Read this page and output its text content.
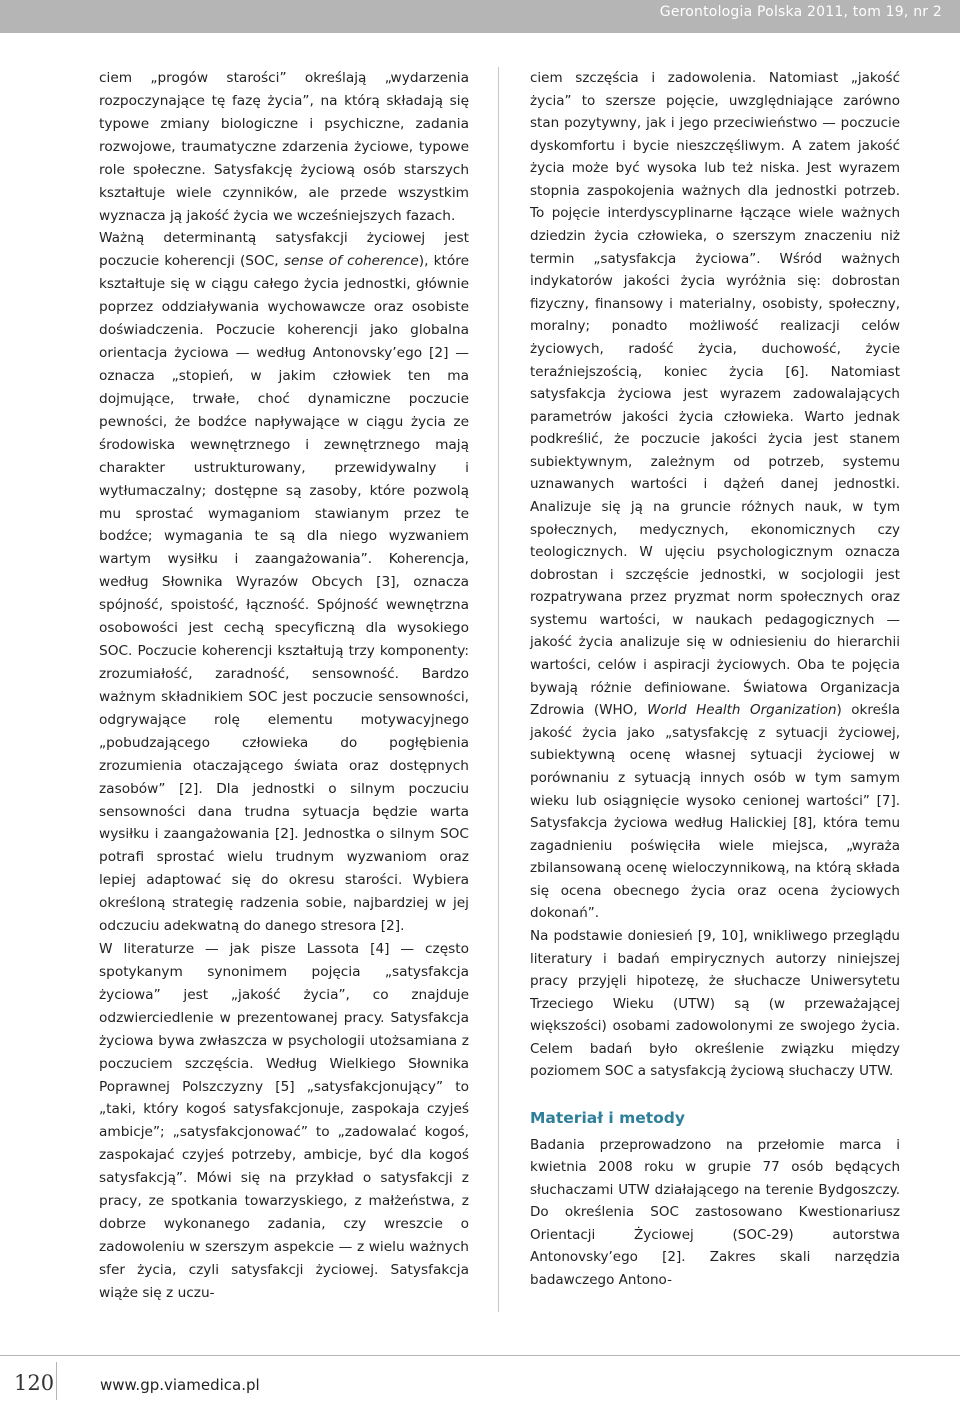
Gerontologia Polska 2011, tom 19, nr 2

ciem „progów starości” określają „wydarzenia rozpoczynające tę fazę życia”, na którą składają się typowe zmiany biologiczne i psychiczne, zadania rozwojowe, traumatyczne zdarzenia życiowe, typowe role społeczne. Satysfakcję życiową osób starszych kształtuje wiele czynników, ale przede wszystkim wyznacza ją jakość życia we wcześniejszych fazach.

Ważną determinantą satysfakcji życiowej jest poczucie koherencji (SOC, sense of coherence), które kształtuje się w ciągu całego życia jednostki, głównie poprzez oddziaływania wychowawcze oraz osobiste doświadczenia. Poczucie koherencji jako globalna orientacja życiowa — według Antonovsky’ego [2] — oznacza „stopień, w jakim człowiek ten ma dojmujące, trwałe, choć dynamiczne poczucie pewności, że bodźce napływające w ciągu życia ze środowiska wewnętrznego i zewnętrznego mają charakter ustrukturowany, przewidywalny i wytłumaczalny; dostępne są zasoby, które pozwolą mu sprostać wymaganiom stawianym przez te bodźce; wymagania te są dla niego wyzwaniem wartym wysiłku i zaangażowania”. Koherencja, według Słownika Wyrazów Obcych [3], oznacza spójność, spoistość, łączność. Spójność wewnętrzna osobowości jest cechą specyficzną dla wysokiego SOC. Poczucie koherencji kształtują trzy komponenty: zrozumiałość, zaradność, sensowność. Bardzo ważnym składnikiem SOC jest poczucie sensowności, odgrywające rolę elementu motywacyjnego „pobudzającego człowieka do pogłębienia zrozumienia otaczającego świata oraz dostępnych zasobów” [2]. Dla jednostki o silnym poczuciu sensowności dana trudna sytuacja będzie warta wysiłku i zaangażowania [2]. Jednostka o silnym SOC potrafi sprostać wielu trudnym wyzwaniom oraz lepiej adaptować się do okresu starości. Wybiera określoną strategię radzenia sobie, najbardziej w jej odczuciu adekwatną do danego stresora [2].

W literaturze — jak pisze Lassota [4] — często spotykanym synonimem pojęcia „satysfakcja życiowa” jest „jakość życia”, co znajduje odzwierciedlenie w prezentowanej pracy. Satysfakcja życiowa bywa zwłaszcza w psychologii utożsamiana z poczuciem szczęścia. Według Wielkiego Słownika Poprawnej Polszczyzny [5] „satysfakcjonujący” to „taki, który kogoś satysfakcjonuje, zaspokaja czyjeś ambicje”; „satysfakcjonować” to „zadowalać kogoś, zaspokajać czyjeś potrzeby, ambicje, być dla kogoś satysfakcją”. Mówi się na przykład o satysfakcji z pracy, ze spotkania towarzyskiego, z małżeństwa, z dobrze wykonanego zadania, czy wreszcie o zadowoleniu w szerszym aspekcie — z wielu ważnych sfer życia, czyli satysfakcji życiowej. Satysfakcja wiąże się z uczu-

ciem szczęścia i zadowolenia. Natomiast „jakość życia” to szersze pojęcie, uwzględniające zarówno stan pozytywny, jak i jego przeciwieństwo — poczucie dyskomfortu i bycie nieszczęśliwym. A zatem jakość życia może być wysoka lub też niska. Jest wyrazem stopnia zaspokojenia ważnych dla jednostki potrzeb. To pojęcie interdyscyplinarne łączące wiele ważnych dziedzin życia człowieka, o szerszym znaczeniu niż termin „satysfakcja życiowa”. Wśród ważnych indykatorów jakości życia wyróżnia się: dobrostan fizyczny, finansowy i materialny, osobisty, społeczny, moralny; ponadto możliwość realizacji celów życiowych, radość życia, duchowość, życie teraźniejszością, koniec życia [6]. Natomiast satysfakcja życiowa jest wyrazem zadowalających parametrów jakości życia człowieka. Warto jednak podkreślić, że poczucie jakości życia jest stanem subiektywnym, zależnym od potrzeb, systemu uznawanych wartości i dążeń danej jednostki. Analizuje się ją na gruncie różnych nauk, w tym społecznych, medycznych, ekonomicznych czy teologicznych. W ujęciu psychologicznym oznacza dobrostan i szczęście jednostki, w socjologii jest rozpatrywana przez pryzmat norm społecznych oraz systemu wartości, w naukach pedagogicznych — jakość życia analizuje się w odniesieniu do hierarchii wartości, celów i aspiracji życiowych. Oba te pojęcia bywają różnie definiowane. Światowa Organizacja Zdrowia (WHO, World Health Organization) określa jakość życia jako „satysfakcję z sytuacji życiowej, subiektywną ocenę własnej sytuacji życiowej w porównaniu z sytuacją innych osób w tym samym wieku lub osiągnięcie wysoko cenionej wartości” [7]. Satysfakcja życiowa według Halickiej [8], która temu zagadnieniu poświęciła wiele miejsca, „wyraża zbilansowaną ocenę wieloczynnikową, na którą składa się ocena obecnego życia oraz ocena życiowych dokonań”.

Na podstawie doniesień [9, 10], wnikliwego przeglądu literatury i badań empirycznych autorzy niniejszej pracy przyjęli hipotezę, że słuchacze Uniwersytetu Trzeciego Wieku (UTW) są (w przeważającej większości) osobami zadowolonymi ze swojego życia. Celem badań było określenie związku między poziomem SOC a satysfakcją życiową słuchaczy UTW.

Materiał i metody

Badania przeprowadzono na przełomie marca i kwietnia 2008 roku w grupie 77 osób będących słuchaczami UTW działającego na terenie Bydgoszczy. Do określenia SOC zastosowano Kwestionariusz Orientacji Życiowej (SOC-29) autorstwa Antonovsky’ego [2]. Zakres skali narzędzia badawczego Antono-

120	www.gp.viamedica.pl
